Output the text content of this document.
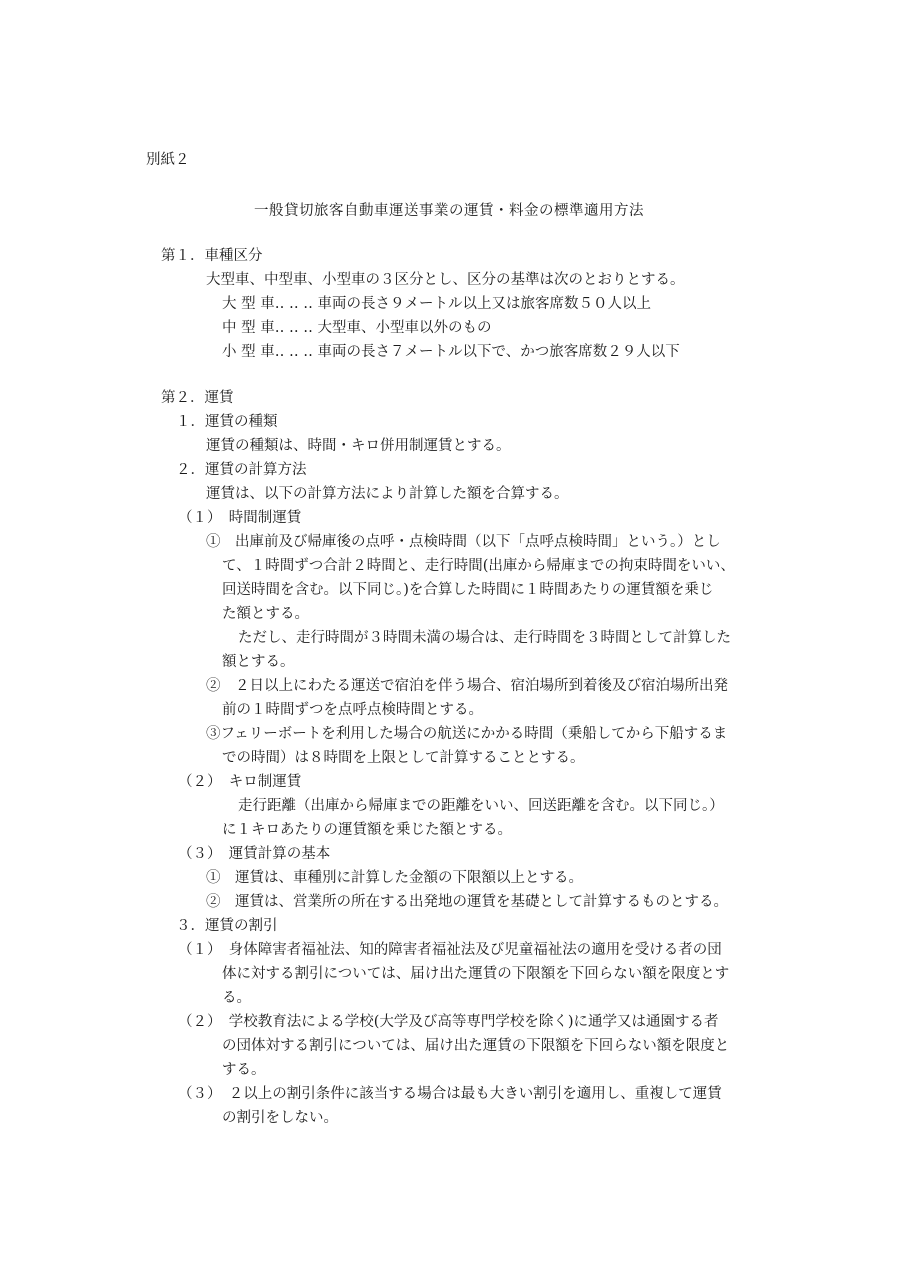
別紙２

一般貸切旅客自動車運送事業の運賃・料金の標準適用方法

第１．車種区分

大型車、中型車、小型車の３区分とし、区分の基準は次のとおりとする。

大 型 車‥ ‥ ‥ 車両の長さ９メートル以上又は旅客席数５０人以上

中 型 車‥ ‥ ‥ 大型車、小型車以外のもの

小 型 車‥ ‥ ‥ 車両の長さ７メートル以下で、かつ旅客席数２９人以下

第２．運賃

１．運賃の種類

運賃の種類は、時間・キロ併用制運賃とする。

２．運賃の計算方法

運賃は、以下の計算方法により計算した額を合算する。

（１）　時間制運賃

①　出庫前及び帰庫後の点呼・点検時間（以下「点呼点検時間」という。）とし

て、１時間ずつ合計２時間と、走行時間(出庫から帰庫までの拘束時間をいい、

回送時間を含む。以下同じ。)を合算した時間に１時間あたりの運賃額を乗じ

た額とする。

ただし、走行時間が３時間未満の場合は、走行時間を３時間として計算した

額とする。

②　２日以上にわたる運送で宿泊を伴う場合、宿泊場所到着後及び宿泊場所出発

前の１時間ずつを点呼点検時間とする。

③フェリーボートを利用した場合の航送にかかる時間（乗船してから下船するま

での時間）は８時間を上限として計算することとする。

（２）　キロ制運賃

走行距離（出庫から帰庫までの距離をいい、回送距離を含む。以下同じ。）

に１キロあたりの運賃額を乗じた額とする。

（３）　運賃計算の基本

①　運賃は、車種別に計算した金額の下限額以上とする。

②　運賃は、営業所の所在する出発地の運賃を基礎として計算するものとする。

３．運賃の割引

（１）　身体障害者福祉法、知的障害者福祉法及び児童福祉法の適用を受ける者の団

体に対する割引については、届け出た運賃の下限額を下回らない額を限度とす

る。

（２）　学校教育法による学校(大学及び高等専門学校を除く)に通学又は通園する者

の団体対する割引については、届け出た運賃の下限額を下回らない額を限度と

する。

（３）　２以上の割引条件に該当する場合は最も大きい割引を適用し、重複して運賃

の割引をしない。
